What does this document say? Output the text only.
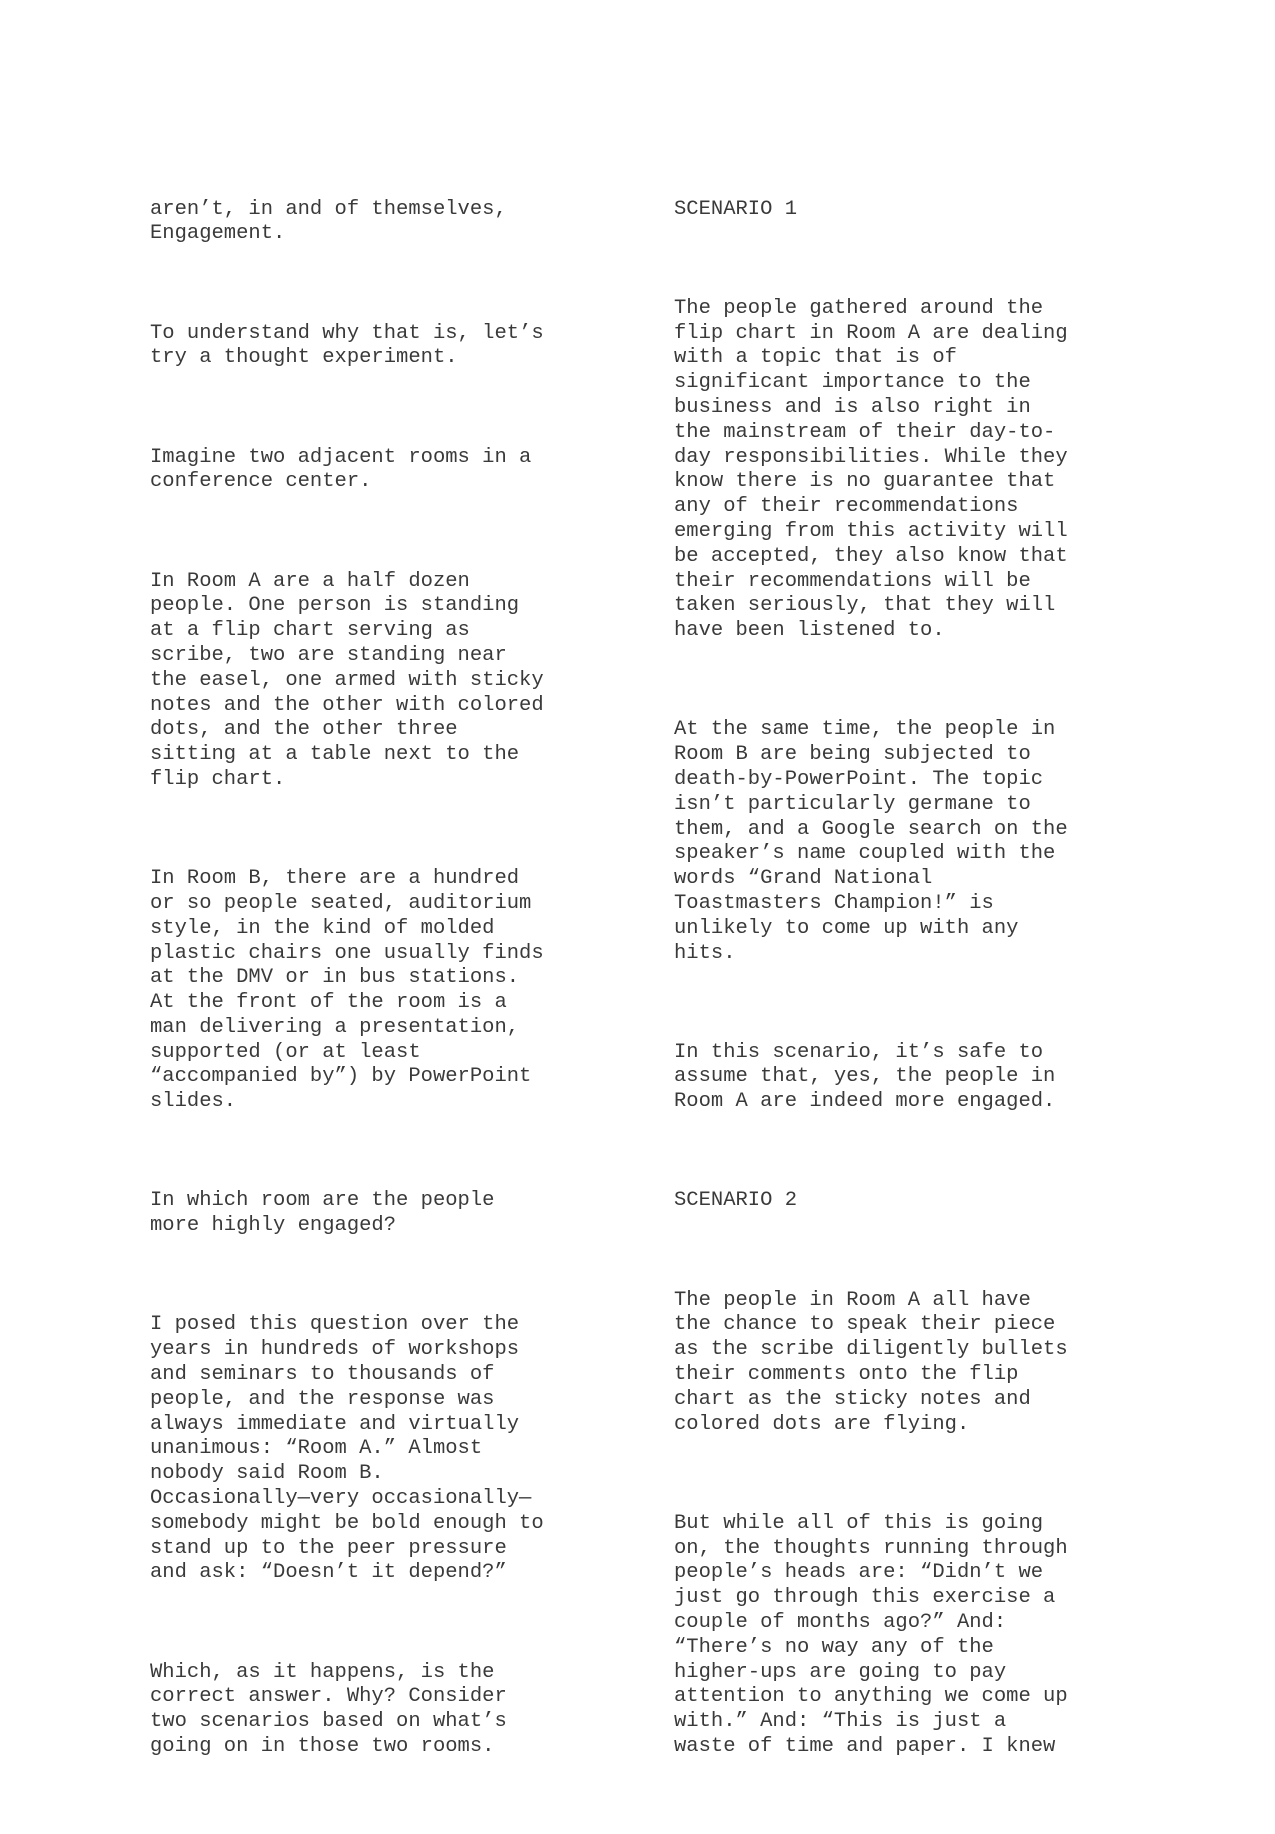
aren’t, in and of themselves,
Engagement.

To understand why that is, let’s
try a thought experiment.

Imagine two adjacent rooms in a
conference center.

In Room A are a half dozen
people. One person is standing
at a flip chart serving as
scribe, two are standing near
the easel, one armed with sticky
notes and the other with colored
dots, and the other three
sitting at a table next to the
flip chart.

In Room B, there are a hundred
or so people seated, auditorium
style, in the kind of molded
plastic chairs one usually finds
at the DMV or in bus stations.
At the front of the room is a
man delivering a presentation,
supported (or at least
“accompanied by”) by PowerPoint
slides.

In which room are the people
more highly engaged?

I posed this question over the
years in hundreds of workshops
and seminars to thousands of
people, and the response was
always immediate and virtually
unanimous: “Room A.” Almost
nobody said Room B.
Occasionally—very occasionally—
somebody might be bold enough to
stand up to the peer pressure
and ask: “Doesn’t it depend?”

Which, as it happens, is the
correct answer. Why? Consider
two scenarios based on what’s
going on in those two rooms.

SCENARIO 1

The people gathered around the
flip chart in Room A are dealing
with a topic that is of
significant importance to the
business and is also right in
the mainstream of their day-to-
day responsibilities. While they
know there is no guarantee that
any of their recommendations
emerging from this activity will
be accepted, they also know that
their recommendations will be
taken seriously, that they will
have been listened to.

At the same time, the people in
Room B are being subjected to
death-by-PowerPoint. The topic
isn’t particularly germane to
them, and a Google search on the
speaker’s name coupled with the
words “Grand National
Toastmasters Champion!” is
unlikely to come up with any
hits.

In this scenario, it’s safe to
assume that, yes, the people in
Room A are indeed more engaged.

SCENARIO 2

The people in Room A all have
the chance to speak their piece
as the scribe diligently bullets
their comments onto the flip
chart as the sticky notes and
colored dots are flying.

But while all of this is going
on, the thoughts running through
people’s heads are: “Didn’t we
just go through this exercise a
couple of months ago?” And:
“There’s no way any of the
higher-ups are going to pay
attention to anything we come up
with.” And: “This is just a
waste of time and paper. I knew
